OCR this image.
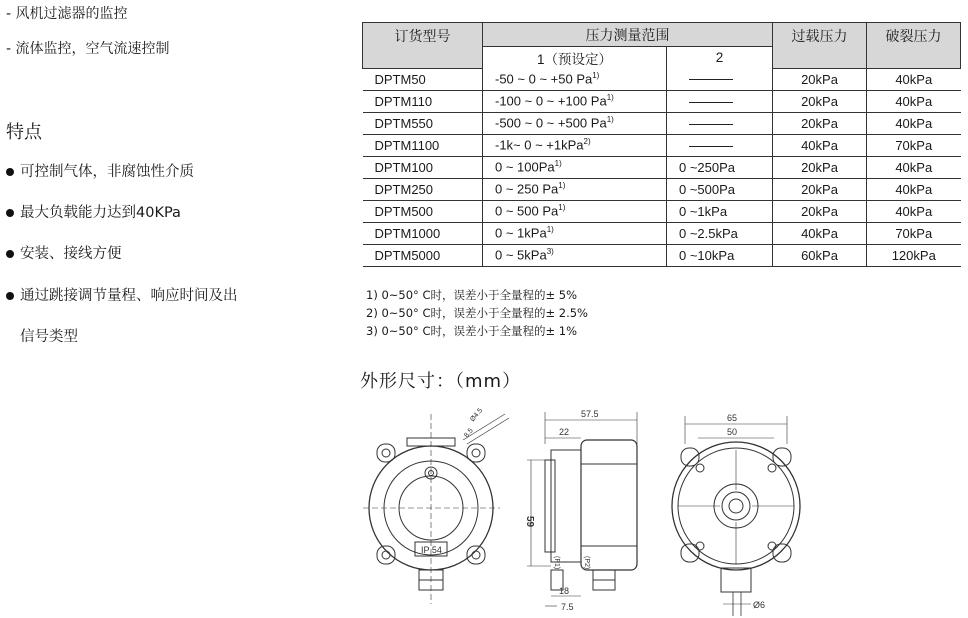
- 风机过滤器的监控
- 流体监控，空气流速控制
特点
可控制气体，非腐蚀性介质
最大负载能力达到40KPa
安装、接线方便
通过跳接调节量程、响应时间及出
信号类型
订货型号	压力测量范围		过载压力	破裂压力
	1（预设定）	2		
DPTM50	-50 ~ 0 ~ +50 Pa$^{1)}$		20kPa	40kPa
DPTM110	-100 ~ 0 ~ +100 Pa$^{1)}$		20kPa	40kPa
DPTM550	-500 ~ 0 ~ +500 Pa$^{1)}$		20kPa	40kPa
DPTM1100	-1k~ 0 ~ +1kPa$^{2)}$		40kPa	70kPa
DPTM100	0 ~ 100Pa$^{1)}$	0 ~250Pa	20kPa	40kPa
DPTM250	0 ~ 250 Pa$^{1)}$	0 ~500Pa	20kPa	40kPa
DPTM500	0 ~ 500 Pa$^{1)}$	0 ~1kPa	20kPa	40kPa
DPTM1000	0 ~ 1kPa$^{1)}$	0 ~2.5kPa	40kPa	70kPa
DPTM5000	0 ~ 5kPa$^{3)}$	0 ~10kPa	60kPa	120kPa
1) 0~50° C时，误差小于全量程的± 5%
2) 0~50° C时，误差小于全量程的± 2.5%
3) 0~50° C时，误差小于全量程的± 1%
外形尺寸：（mm）
IP 54
Ø4.5
8.5
57.5
22
59
(P1)	(P2)
18
7.5
65
50
Ø6
